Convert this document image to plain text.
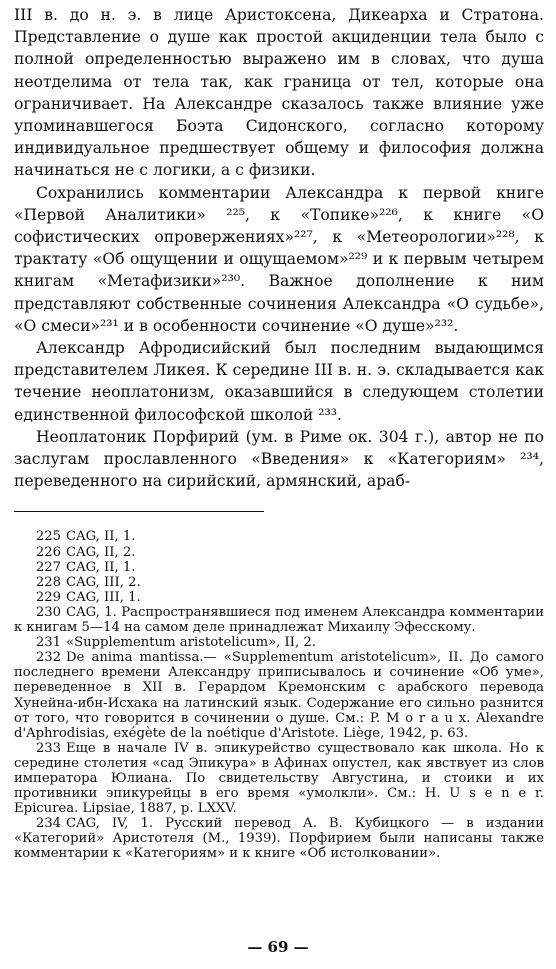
III в. до н. э. в лице Аристоксена, Дикеарха и Стратона. Представление о душе как простой акциденции тела было с полной определенностью выражено им в словах, что душа неотделима от тела так, как граница от тел, которые она ограничивает. На Александре сказалось также влияние уже упоминавшегося Боэта Сидонского, согласно которому индивидуальное предшествует общему и философия должна начинаться не с логики, а с физики.

Сохранились комментарии Александра к первой книге «Первой Аналитики» ²²⁵, к «Топике»²²⁶, к книге «О софистических опровержениях»²²⁷, к «Метеорологии»²²⁸, к трактату «Об ощущении и ощущаемом»²²⁹ и к первым четырем книгам «Метафизики»²³⁰. Важное дополнение к ним представляют собственные сочинения Александра «О судьбе», «О смеси»²³¹ и в особенности сочинение «О душе»²³².

Александр Афродисийский был последним выдающимся представителем Ликея. К середине III в. н. э. складывается как течение неоплатонизм, оказавшийся в следующем столетии единственной философской школой ²³³.

Неоплатоник Порфирий (ум. в Риме ок. 304 г.), автор не по заслугам прославленного «Введения» к «Категориям» ²³⁴, переведенного на сирийский, армянский, араб-

225 CAG, II, 1.

226 CAG, II, 2.

227 CAG, II, 1.

228 CAG, III, 2.

229 CAG, III, 1.

230 CAG, 1. Распространявшиеся под именем Александра комментарии к книгам 5—14 на самом деле принадлежат Михаилу Эфесскому.

231 «Supplementum aristotelicum», II, 2.

232 De anima mantissa.— «Supplementum aristotelicum», II. До самого последнего времени Александру приписывалось и сочинение «Об уме», переведенное в XII в. Герардом Кремонским с арабского перевода Хунейна-ибн-Исхака на латинский язык. Содержание его сильно разнится от того, что говорится в сочинении о душе. См.: P. M o r a u x. Alexandre d'Aphrodisias, exégète de la noétique d'Aristote. Liège, 1942, p. 63.

233 Еще в начале IV в. эпикурейство существовало как школа. Но к середине столетия «сад Эпикура» в Афинах опустел, как явствует из слов императора Юлиана. По свидетельству Августина, и стоики и их противники эпикурейцы в его время «умолкли». См.: H. U s e n e r. Epicurea. Lipsiae, 1887, p. LXXV.

234 CAG, IV, 1. Русский перевод А. В. Кубицкого — в издании «Категорий» Аристотеля (М., 1939). Порфирием были написаны также комментарии к «Категориям» и к книге «Об истолковании».

— 69 —
